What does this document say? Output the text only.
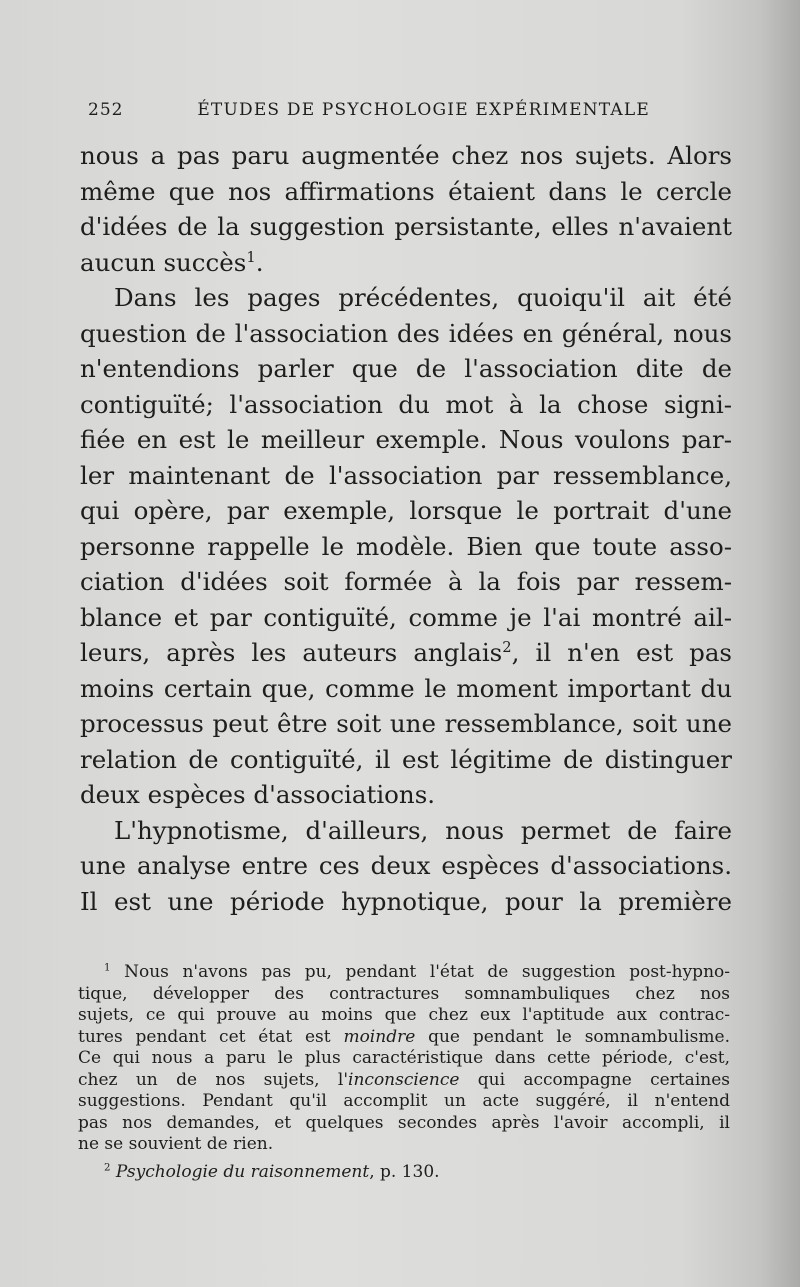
252	ÉTUDES DE PSYCHOLOGIE EXPÉRIMENTALE
nous a pas paru augmentée chez nos sujets. Alors
même que nos affirmations étaient dans le cercle
d'idées de la suggestion persistante, elles n'avaient
aucun succès$^1$.
Dans les pages précédentes, quoiqu'il ait été
question de l'association des idées en général, nous
n'entendions parler que de l'association dite de
contiguïté; l'association du mot à la chose signi-
fiée en est le meilleur exemple. Nous voulons par-
ler maintenant de l'association par ressemblance,
qui opère, par exemple, lorsque le portrait d'une
personne rappelle le modèle. Bien que toute asso-
ciation d'idées soit formée à la fois par ressem-
blance et par contiguïté, comme je l'ai montré ail-
leurs, après les auteurs anglais$^2$, il n'en est pas
moins certain que, comme le moment important du
processus peut être soit une ressemblance, soit une
relation de contiguïté, il est légitime de distinguer
deux espèces d'associations.
L'hypnotisme, d'ailleurs, nous permet de faire
une analyse entre ces deux espèces d'associations.
Il est une période hypnotique, pour la première
$^1$ Nous n'avons pas pu, pendant l'état de suggestion post-hypno-
tique, développer des contractures somnambuliques chez nos
sujets, ce qui prouve au moins que chez eux l'aptitude aux contrac-
tures pendant cet état est moindre que pendant le somnambulisme.
Ce qui nous a paru le plus caractéristique dans cette période, c'est,
chez un de nos sujets, l'inconscience qui accompagne certaines
suggestions. Pendant qu'il accomplit un acte suggéré, il n'entend
pas nos demandes, et quelques secondes après l'avoir accompli, il
ne se souvient de rien.
$^2$ Psychologie du raisonnement, p. 130.
